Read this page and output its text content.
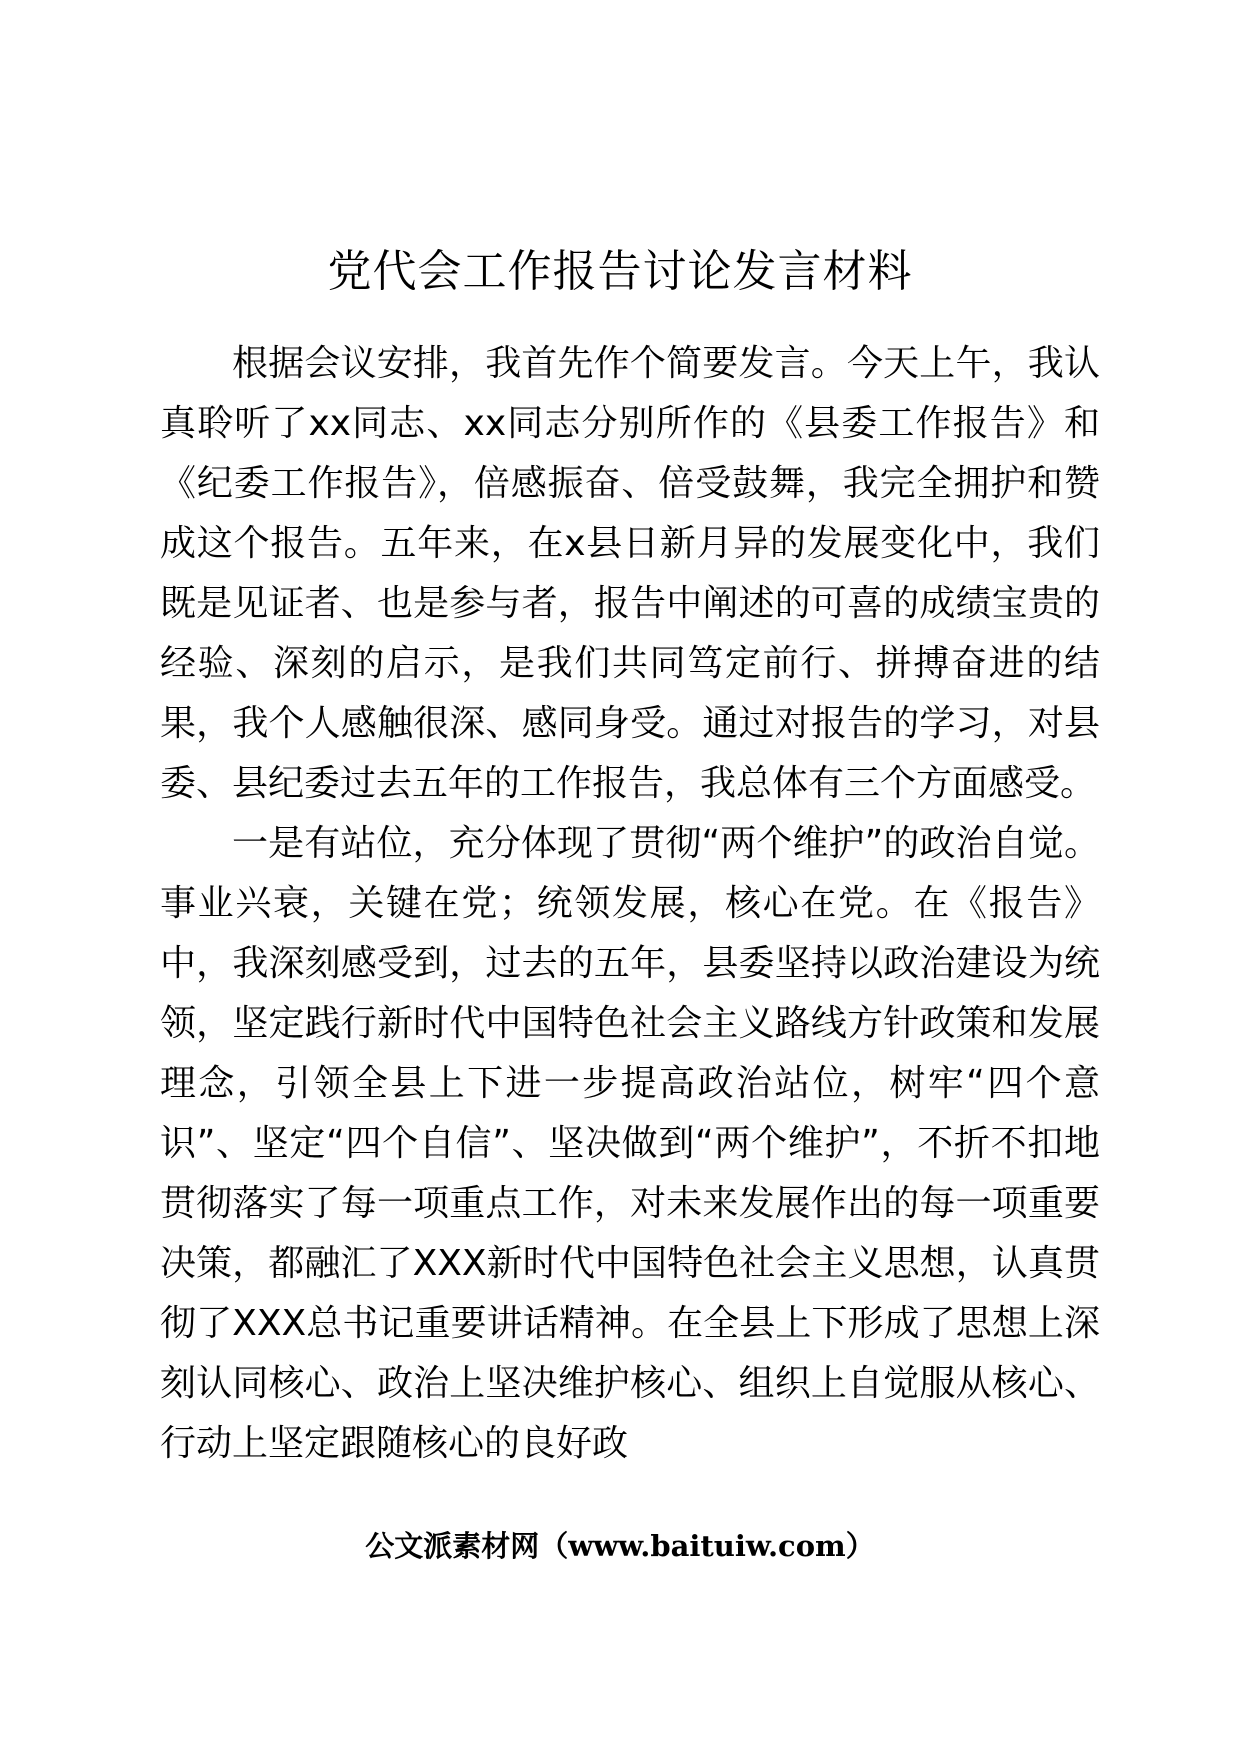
党代会工作报告讨论发言材料

根据会议安排，我首先作个简要发言。今天上午，我认真聆听了xx同志、xx同志分别所作的《县委工作报告》和《纪委工作报告》，倍感振奋、倍受鼓舞，我完全拥护和赞成这个报告。五年来，在x县日新月异的发展变化中，我们既是见证者、也是参与者，报告中阐述的可喜的成绩宝贵的经验、深刻的启示，是我们共同笃定前行、拼搏奋进的结果，我个人感触很深、感同身受。通过对报告的学习，对县委、县纪委过去五年的工作报告，我总体有三个方面感受。

一是有站位，充分体现了贯彻“两个维护”的政治自觉。事业兴衰，关键在党；统领发展，核心在党。在《报告》中，我深刻感受到，过去的五年，县委坚持以政治建设为统领，坚定践行新时代中国特色社会主义路线方针政策和发展理念，引领全县上下进一步提高政治站位，树牢“四个意识”、坚定“四个自信”、坚决做到“两个维护”，不折不扣地贯彻落实了每一项重点工作，对未来发展作出的每一项重要决策，都融汇了XXX新时代中国特色社会主义思想，认真贯彻了XXX总书记重要讲话精神。在全县上下形成了思想上深刻认同核心、政治上坚决维护核心、组织上自觉服从核心、行动上坚定跟随核心的良好政

公文派素材网（www.baituiw.com）
